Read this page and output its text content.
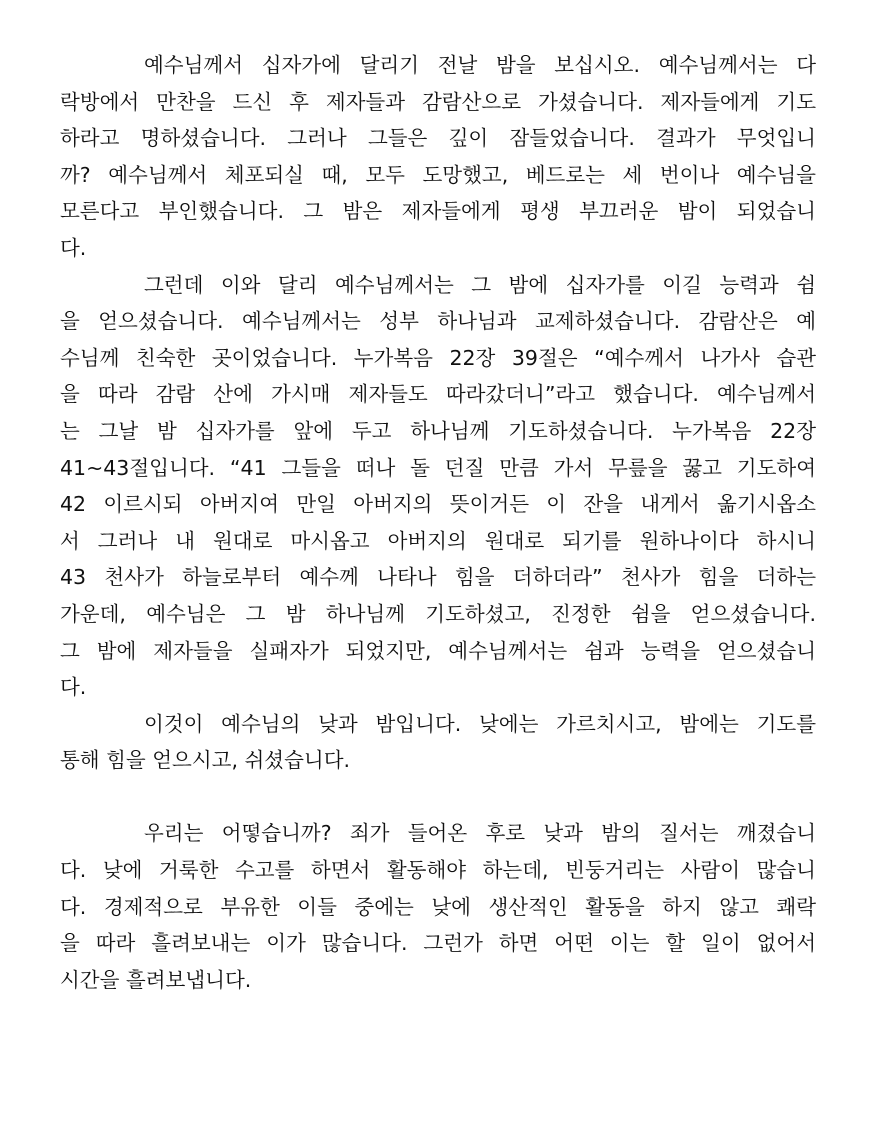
예수님께서 십자가에 달리기 전날 밤을 보십시오. 예수님께서는 다
락방에서 만찬을 드신 후 제자들과 감람산으로 가셨습니다. 제자들에게 기도
하라고 명하셨습니다. 그러나 그들은 깊이 잠들었습니다. 결과가 무엇입니
까? 예수님께서 체포되실 때, 모두 도망했고, 베드로는 세 번이나 예수님을
모른다고 부인했습니다. 그 밤은 제자들에게 평생 부끄러운 밤이 되었습니
다.
그런데 이와 달리 예수님께서는 그 밤에 십자가를 이길 능력과 쉼
을 얻으셨습니다. 예수님께서는 성부 하나님과 교제하셨습니다. 감람산은 예
수님께 친숙한 곳이었습니다. 누가복음 22장 39절은 “예수께서 나가사 습관
을 따라 감람 산에 가시매 제자들도 따라갔더니”라고 했습니다. 예수님께서
는 그날 밤 십자가를 앞에 두고 하나님께 기도하셨습니다. 누가복음 22장
41~43절입니다. “41 그들을 떠나 돌 던질 만큼 가서 무릎을 꿇고 기도하여
42 이르시되 아버지여 만일 아버지의 뜻이거든 이 잔을 내게서 옮기시옵소
서 그러나 내 원대로 마시옵고 아버지의 원대로 되기를 원하나이다 하시니
43 천사가 하늘로부터 예수께 나타나 힘을 더하더라” 천사가 힘을 더하는
가운데, 예수님은 그 밤 하나님께 기도하셨고, 진정한 쉼을 얻으셨습니다.
그 밤에 제자들을 실패자가 되었지만, 예수님께서는 쉼과 능력을 얻으셨습니
다.
이것이 예수님의 낮과 밤입니다. 낮에는 가르치시고, 밤에는 기도를
통해 힘을 얻으시고, 쉬셨습니다.
우리는 어떻습니까? 죄가 들어온 후로 낮과 밤의 질서는 깨졌습니
다. 낮에 거룩한 수고를 하면서 활동해야 하는데, 빈둥거리는 사람이 많습니
다. 경제적으로 부유한 이들 중에는 낮에 생산적인 활동을 하지 않고 쾌락
을 따라 흘려보내는 이가 많습니다. 그런가 하면 어떤 이는 할 일이 없어서
시간을 흘려보냅니다.
